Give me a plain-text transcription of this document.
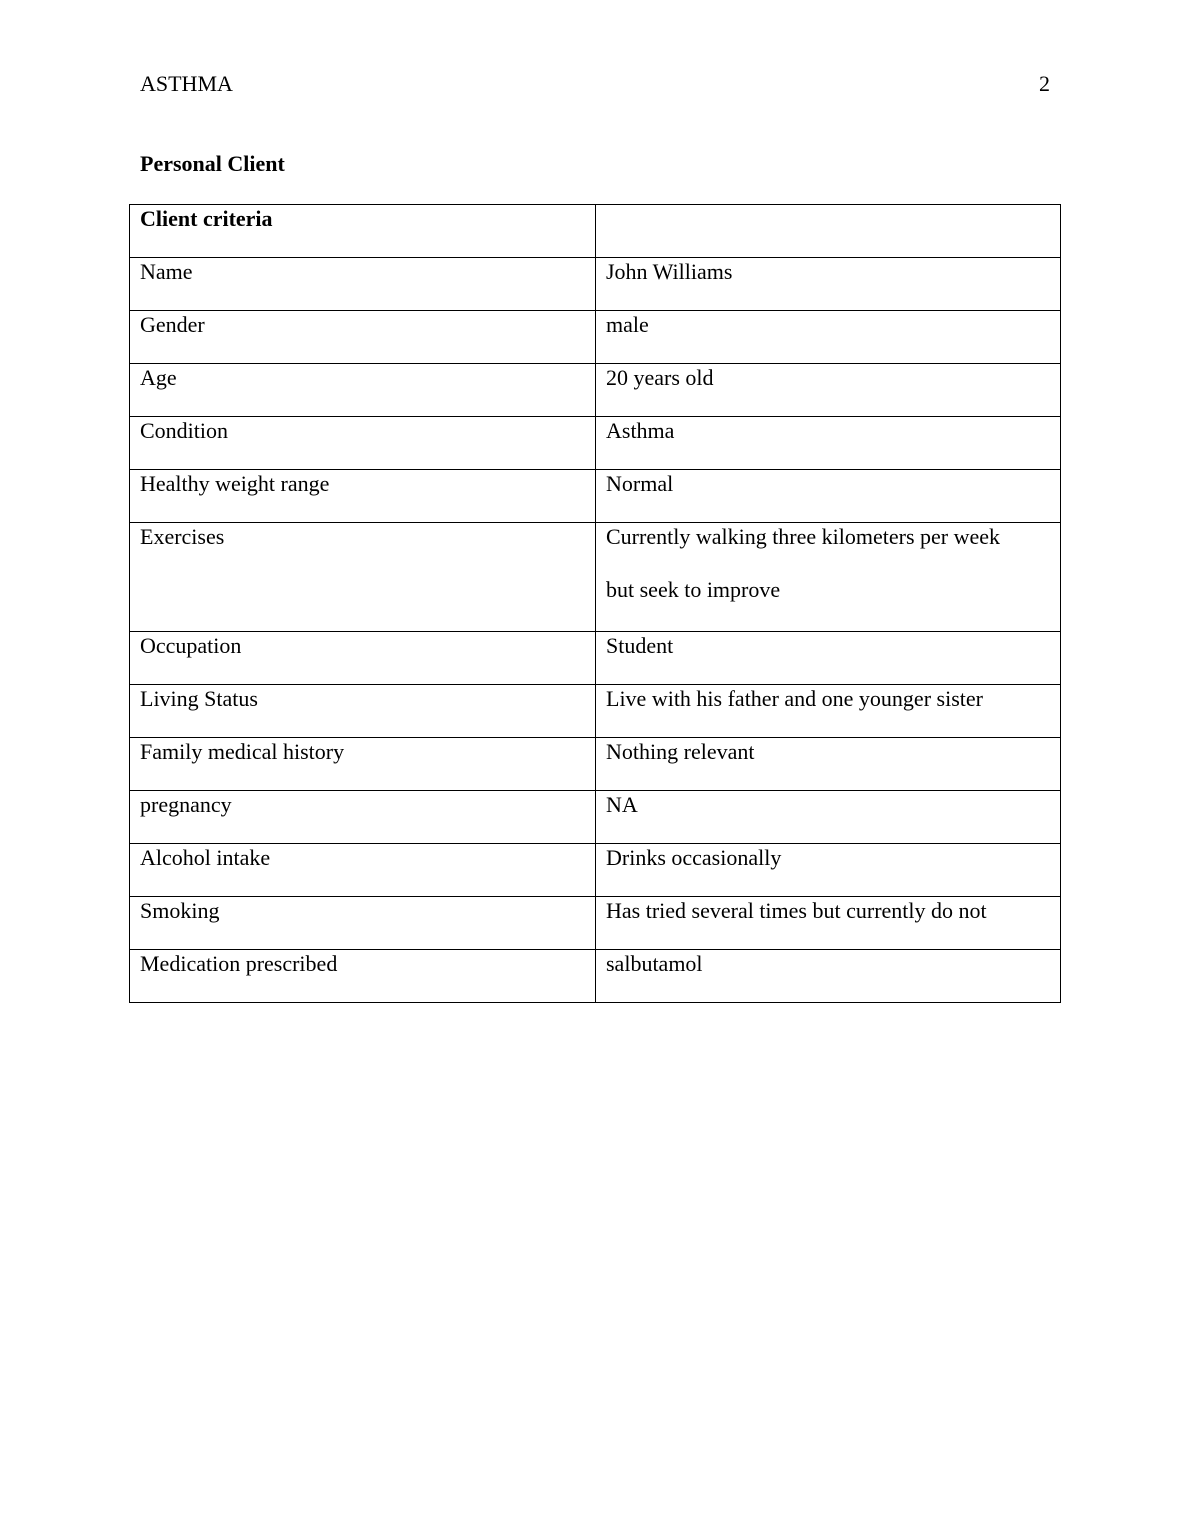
ASTHMA	2
Personal Client
Client criteria	
Name	John Williams
Gender	male
Age	20 years old
Condition	Asthma
Healthy weight range	Normal
Exercises	Currently walking three kilometers per week
but seek to improve

Occupation	Student
Living Status	Live with his father and one younger sister
Family medical history	Nothing relevant
pregnancy	NA
Alcohol intake	Drinks occasionally
Smoking	Has tried several times but currently do not
Medication prescribed	salbutamol
